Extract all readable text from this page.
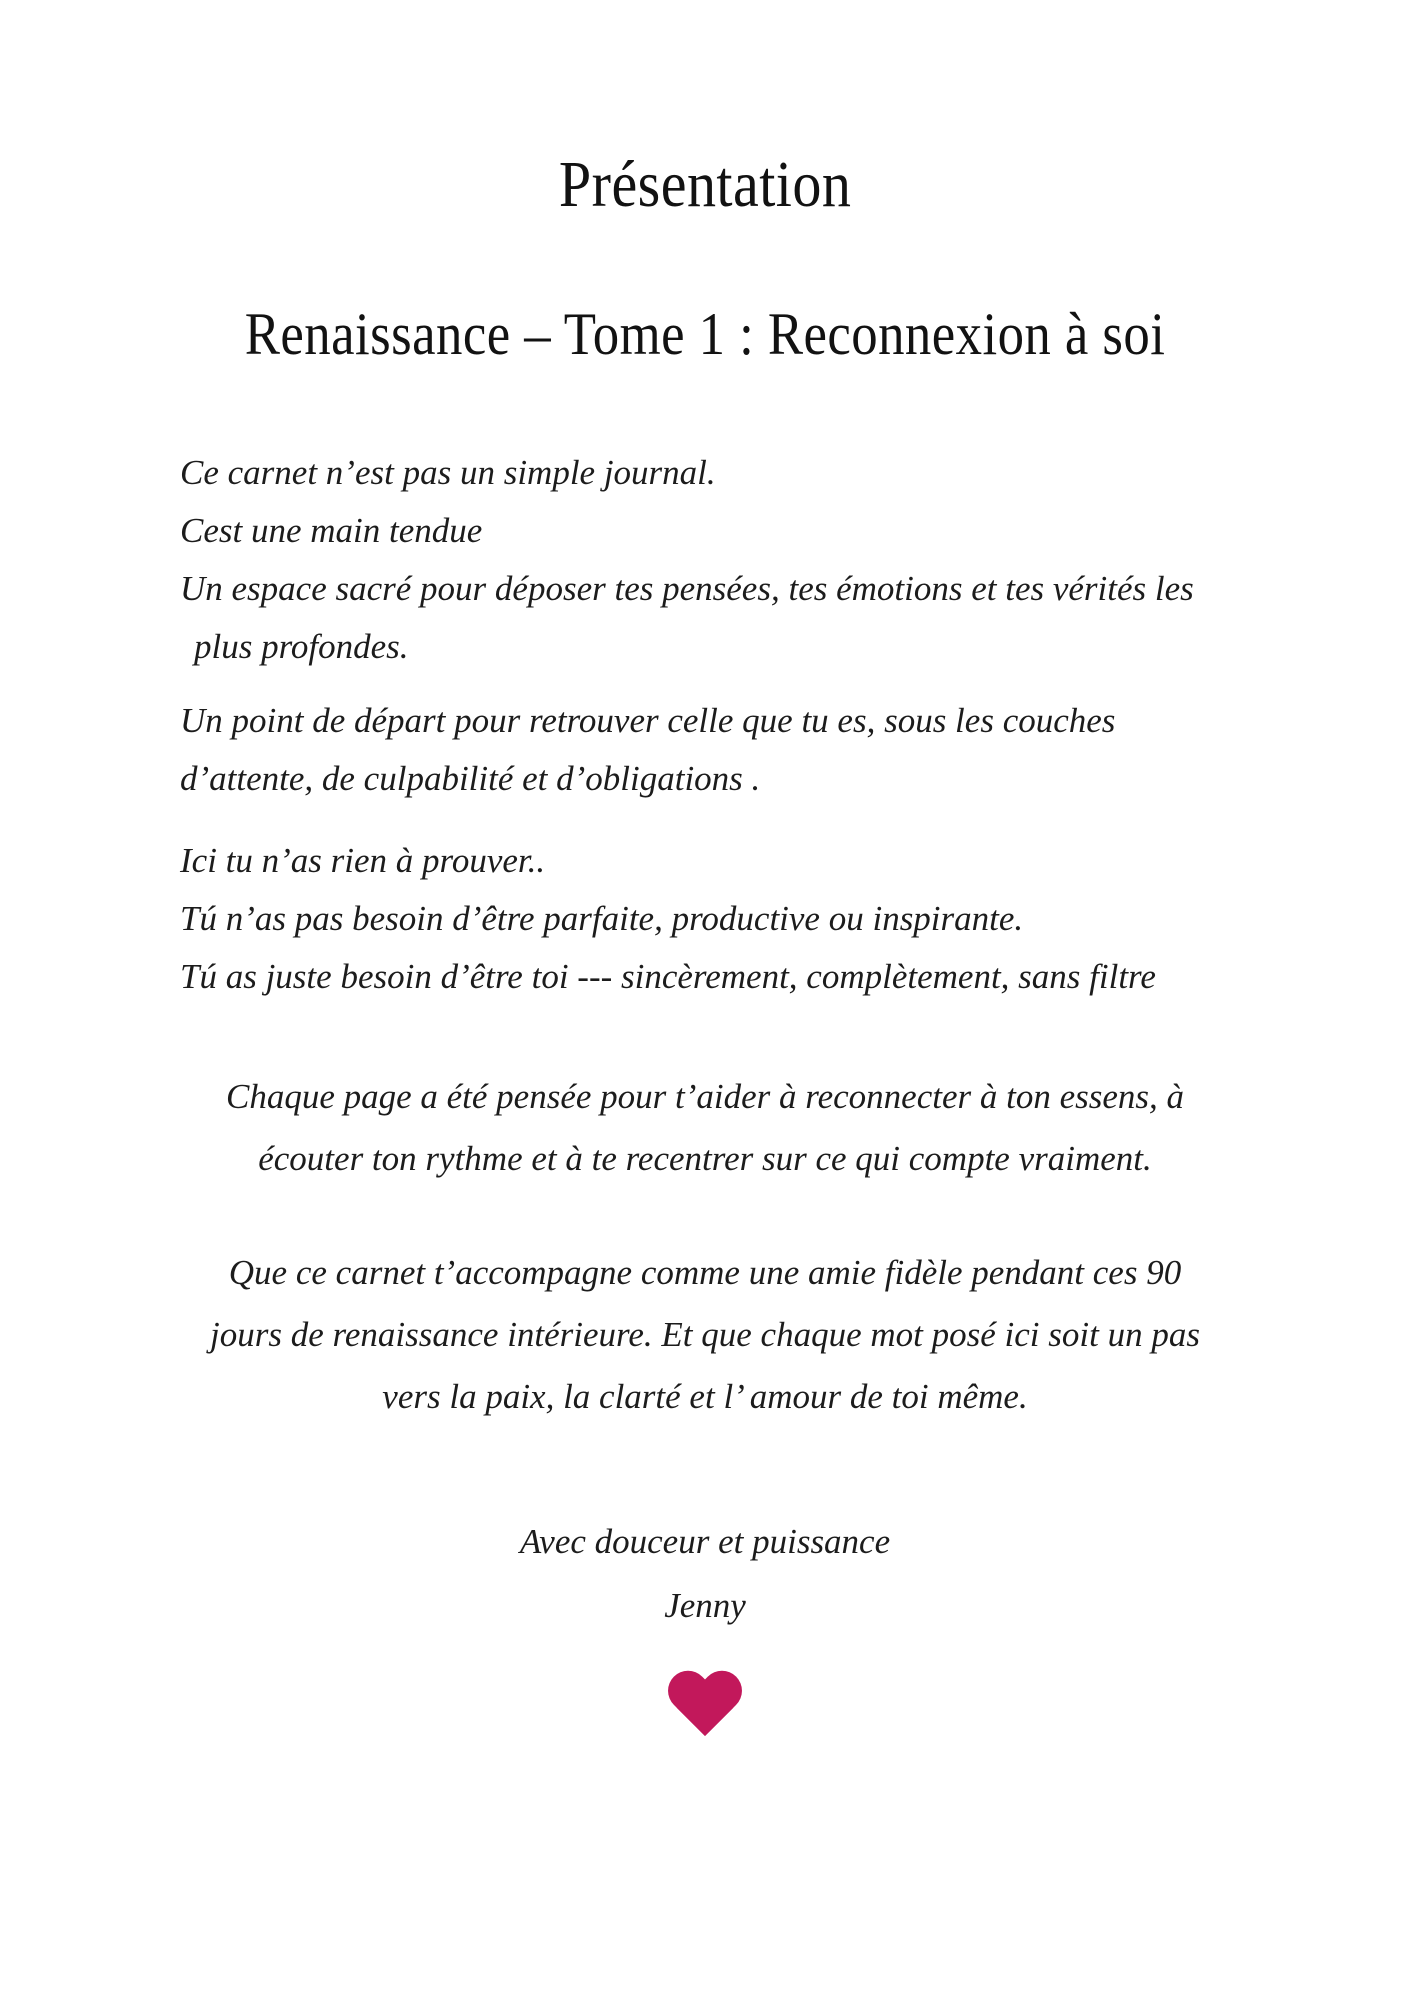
Présentation
Renaissance – Tome 1 : Reconnexion à soi
Ce carnet n’est pas un simple journal.
Cest une main tendue
Un espace sacré pour déposer tes pensées, tes émotions et tes vérités les
plus profondes.
Un point de départ pour retrouver celle que tu es, sous les couches
d’attente, de culpabilité et d’obligations .
Ici tu n’as rien à prouver..
Tú n’as pas besoin d’être parfaite, productive ou inspirante.
Tú as juste besoin d’être toi --- sincèrement, complètement, sans filtre
Chaque page a été pensée pour t’aider à reconnecter à ton essens, à
écouter ton rythme et à te recentrer sur ce qui compte vraiment.
Que ce carnet t’accompagne comme une amie fidèle pendant ces 90
jours de renaissance intérieure. Et que chaque mot posé ici soit un pas
vers la paix, la clarté et l’ amour de toi même.
Avec douceur et puissance
Jenny
